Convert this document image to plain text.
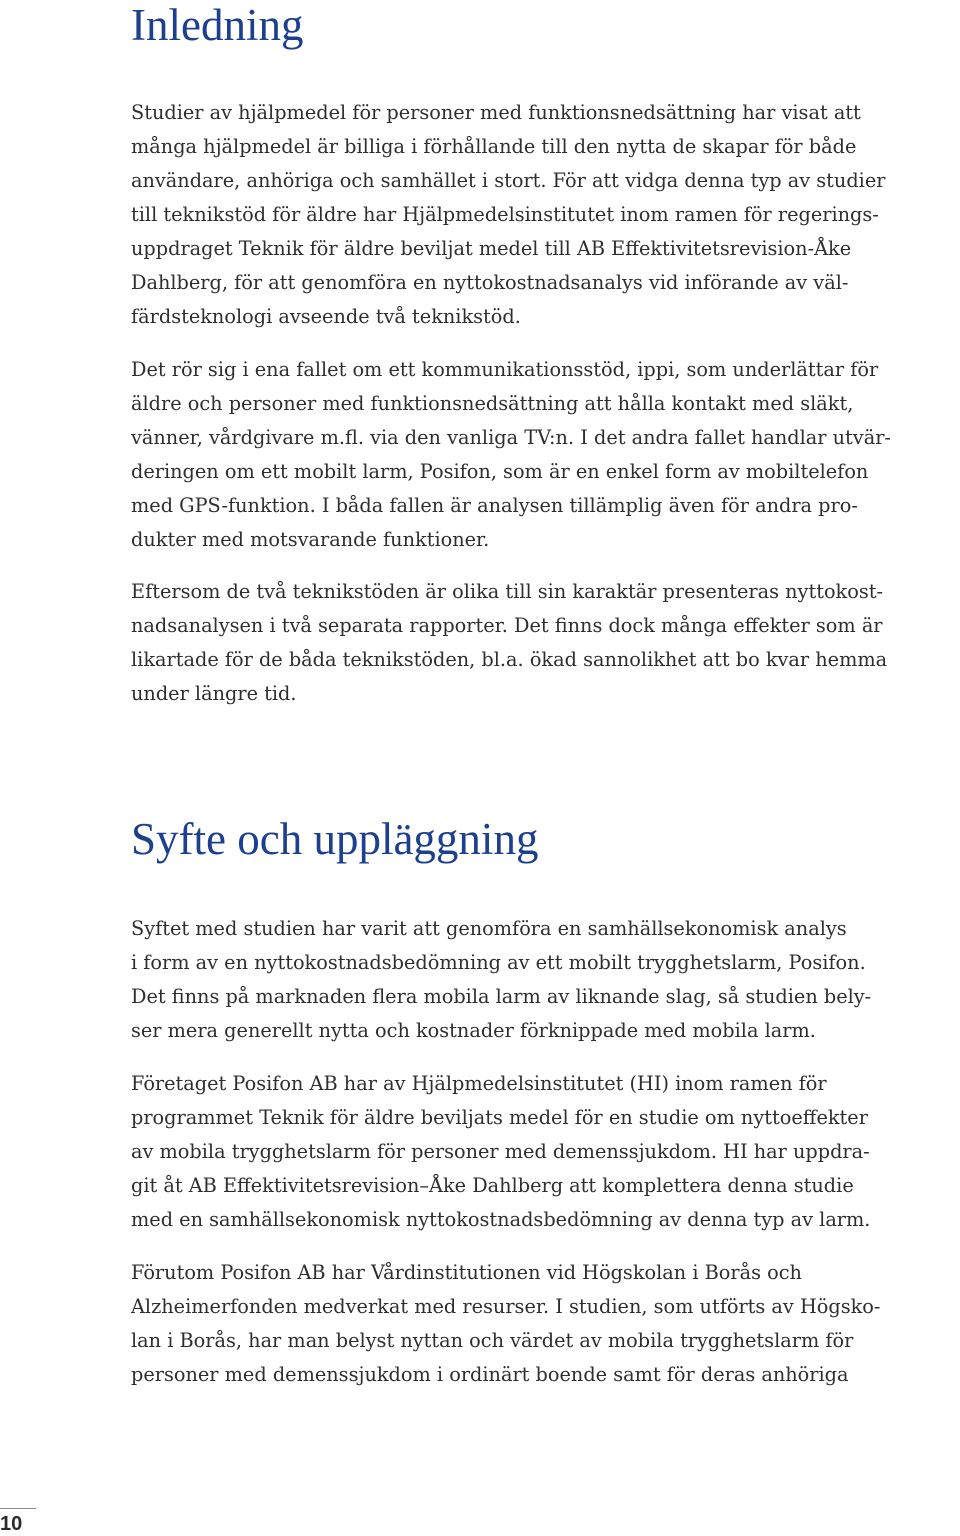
Inledning

Studier av hjälpmedel för personer med funktionsnedsättning har visat att
många hjälpmedel är billiga i förhållande till den nytta de skapar för både
användare, anhöriga och samhället i stort. För att vidga denna typ av studier
till teknikstöd för äldre har Hjälpmedelsinstitutet inom ramen för regerings-
uppdraget Teknik för äldre beviljat medel till AB Effektivitetsrevision-Åke
Dahlberg, för att genomföra en nyttokostnadsanalys vid införande av väl-
färdsteknologi avseende två teknikstöd.

Det rör sig i ena fallet om ett kommunikationsstöd, ippi, som underlättar för
äldre och personer med funktionsnedsättning att hålla kontakt med släkt,
vänner, vårdgivare m.fl. via den vanliga TV:n. I det andra fallet handlar utvär-
deringen om ett mobilt larm, Posifon, som är en enkel form av mobiltelefon
med GPS-funktion. I båda fallen är analysen tillämplig även för andra pro-
dukter med motsvarande funktioner.

Eftersom de två teknikstöden är olika till sin karaktär presenteras nyttokost-
nadsanalysen i två separata rapporter. Det finns dock många effekter som är
likartade för de båda teknikstöden, bl.a. ökad sannolikhet att bo kvar hemma
under längre tid.

Syfte och uppläggning

Syftet med studien har varit att genomföra en samhällsekonomisk analys
i form av en nyttokostnadsbedömning av ett mobilt trygghetslarm, Posifon.
Det finns på marknaden flera mobila larm av liknande slag, så studien bely-
ser mera generellt nytta och kostnader förknippade med mobila larm.

Företaget Posifon AB har av Hjälpmedelsinstitutet (HI) inom ramen för
programmet Teknik för äldre beviljats medel för en studie om nyttoeffekter
av mobila trygghetslarm för personer med demenssjukdom. HI har uppdra-
git åt AB Effektivitetsrevision–Åke Dahlberg att komplettera denna studie
med en samhällsekonomisk nyttokostnadsbedömning av denna typ av larm.

Förutom Posifon AB har Vårdinstitutionen vid Högskolan i Borås och
Alzheimerfonden medverkat med resurser. I studien, som utförts av Högsko-
lan i Borås, har man belyst nyttan och värdet av mobila trygghetslarm för
personer med demenssjukdom i ordinärt boende samt för deras anhöriga

10
